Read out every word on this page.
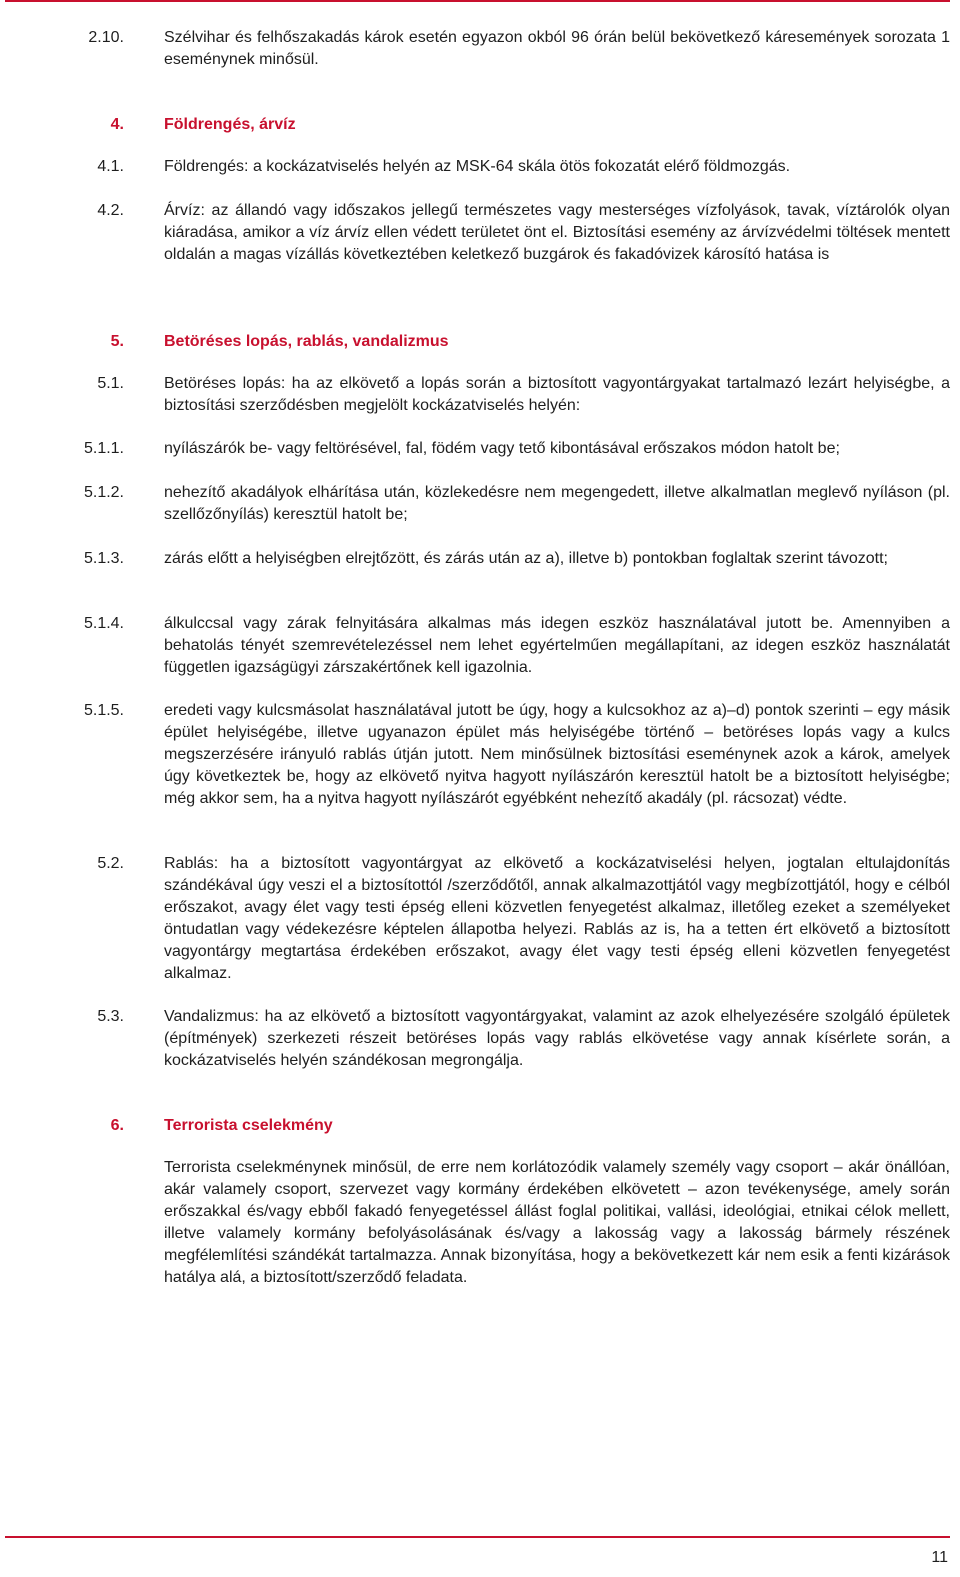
2.10.	Szélvihar és felhőszakadás károk esetén egyazon okból 96 órán belül bekövetkező káresemények sorozata 1 eseménynek minősül.

4.	Földrengés, árvíz

4.1.	Földrengés: a kockázatviselés helyén az MSK-64 skála ötös fokozatát elérő földmozgás.

4.2.	Árvíz: az állandó vagy időszakos jellegű természetes vagy mesterséges vízfolyások, tavak, víztárolók olyan kiáradása, amikor a víz árvíz ellen védett területet önt el. Biztosítási esemény az árvízvédelmi töltések mentett oldalán a magas vízállás következtében keletkező buzgárok és fakadóvizek károsító hatása is

5.	Betöréses lopás, rablás, vandalizmus

5.1.	Betöréses lopás: ha az elkövető a lopás során a biztosított vagyontárgyakat tartalmazó lezárt helyiségbe, a biztosítási szerződésben megjelölt kockázatviselés helyén:

5.1.1.	nyílászárók be- vagy feltörésével, fal, födém vagy tető kibontásával erőszakos módon hatolt be;

5.1.2.	nehezítő akadályok elhárítása után, közlekedésre nem megengedett, illetve alkalmatlan meglevő nyíláson (pl. szellőzőnyílás) keresztül hatolt be;

5.1.3.	zárás előtt a helyiségben elrejtőzött, és zárás után az a), illetve b) pontokban foglaltak szerint távozott;

5.1.4.	álkulccsal vagy zárak felnyitására alkalmas más idegen eszköz használatával jutott be. Amennyiben a behatolás tényét szemrevételezéssel nem lehet egyértelműen megállapítani, az idegen eszköz használatát független igazságügyi zárszakértőnek kell igazolnia.

5.1.5.	eredeti vagy kulcsmásolat használatával jutott be úgy, hogy a kulcsokhoz az a)–d) pontok szerinti – egy másik épület helyiségébe, illetve ugyanazon épület más helyiségébe történő – betöréses lopás vagy a kulcs megszerzésére irányuló rablás útján jutott. Nem minősülnek biztosítási eseménynek azok a károk, amelyek úgy következtek be, hogy az elkövető nyitva hagyott nyílászárón keresztül hatolt be a biztosított helyiségbe; még akkor sem, ha a nyitva hagyott nyílászárót egyébként nehezítő akadály (pl. rácsozat) védte.

5.2.	Rablás: ha a biztosított vagyontárgyat az elkövető a kockázatviselési helyen, jogtalan eltulajdonítás szándékával úgy veszi el a biztosítottól /szerződőtől, annak alkalmazottjától vagy megbízottjától, hogy e célból erőszakot, avagy élet vagy testi épség elleni közvetlen fenyegetést alkalmaz, illetőleg ezeket a személyeket öntudatlan vagy védekezésre képtelen állapotba helyezi. Rablás az is, ha a tetten ért elkövető a biztosított vagyontárgy megtartása érdekében erőszakot, avagy élet vagy testi épség elleni közvetlen fenyegetést alkalmaz.

5.3.	Vandalizmus: ha az elkövető a biztosított vagyontárgyakat, valamint az azok elhelyezésére szolgáló épületek (építmények) szerkezeti részeit betöréses lopás vagy rablás elkövetése vagy annak kísérlete során, a kockázatviselés helyén szándékosan megrongálja.

6.	Terrorista cselekmény

Terrorista cselekménynek minősül, de erre nem korlátozódik valamely személy vagy csoport – akár önállóan, akár valamely csoport, szervezet vagy kormány érdekében elkövetett – azon tevékenysége, amely során erőszakkal és/vagy ebből fakadó fenyegetéssel állást foglal politikai, vallási, ideológiai, etnikai célok mellett, illetve valamely kormány befolyásolásának és/vagy a lakosság vagy a lakosság bármely részének megfélemlítési szándékát tartalmazza. Annak bizonyítása, hogy a bekövetkezett kár nem esik a fenti kizárások hatálya alá, a biztosított/szerződő feladata.

11
